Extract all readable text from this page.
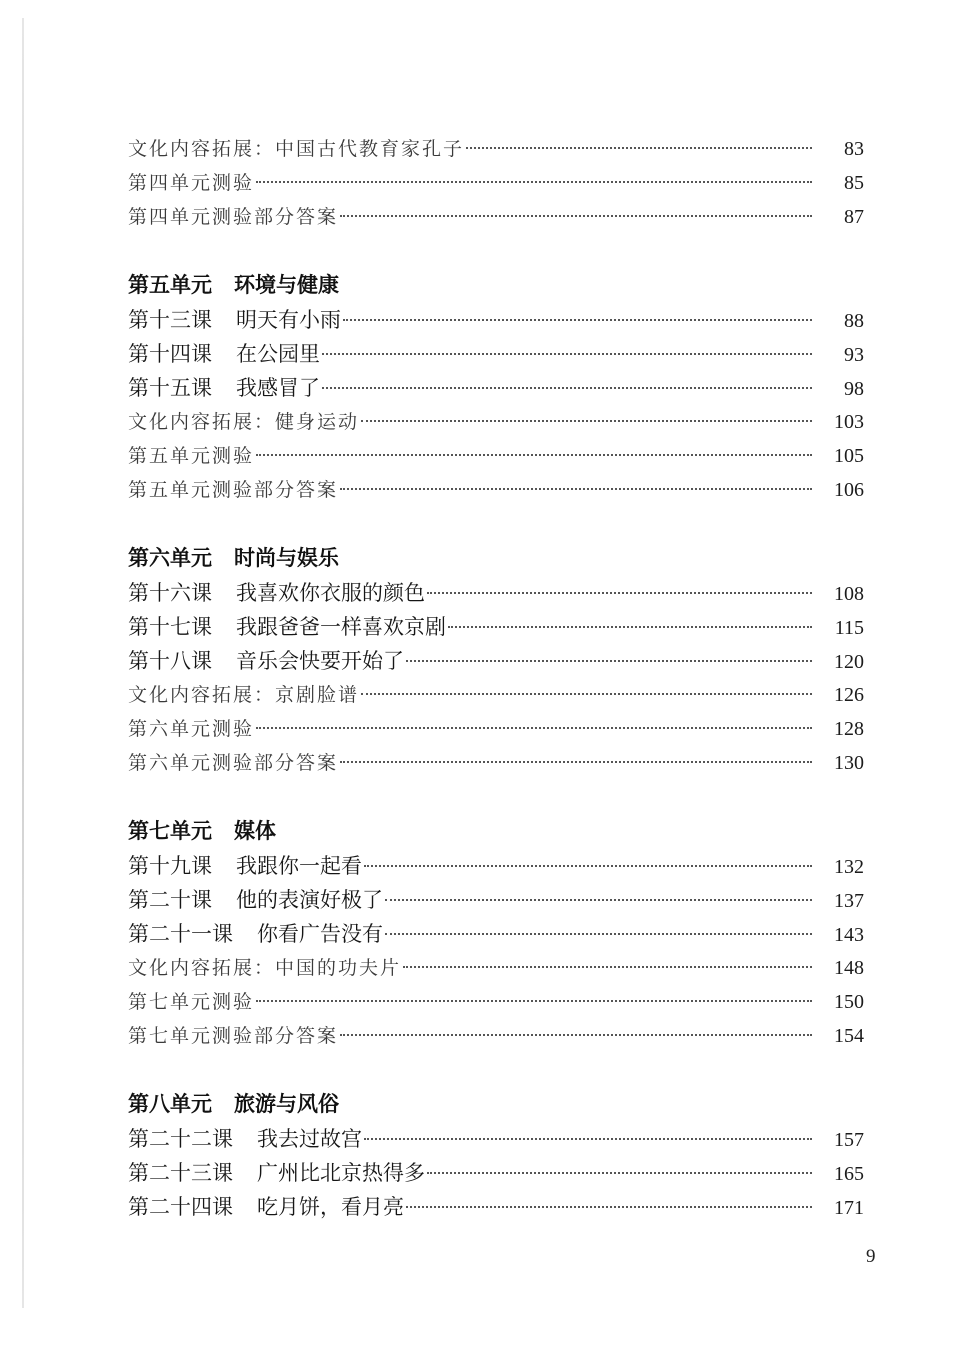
文化内容拓展：中国古代教育家孔子	83
第四单元测验	85
第四单元测验部分答案	87
第五单元 环境与健康
第十三课 明天有小雨	88
第十四课 在公园里	93
第十五课 我感冒了	98
文化内容拓展：健身运动	103
第五单元测验	105
第五单元测验部分答案	106
第六单元 时尚与娱乐
第十六课 我喜欢你衣服的颜色	108
第十七课 我跟爸爸一样喜欢京剧	115
第十八课 音乐会快要开始了	120
文化内容拓展：京剧脸谱	126
第六单元测验	128
第六单元测验部分答案	130
第七单元 媒体
第十九课 我跟你一起看	132
第二十课 他的表演好极了	137
第二十一课 你看广告没有	143
文化内容拓展：中国的功夫片	148
第七单元测验	150
第七单元测验部分答案	154
第八单元 旅游与风俗
第二十二课 我去过故宫	157
第二十三课 广州比北京热得多	165
第二十四课 吃月饼，看月亮	171
9
